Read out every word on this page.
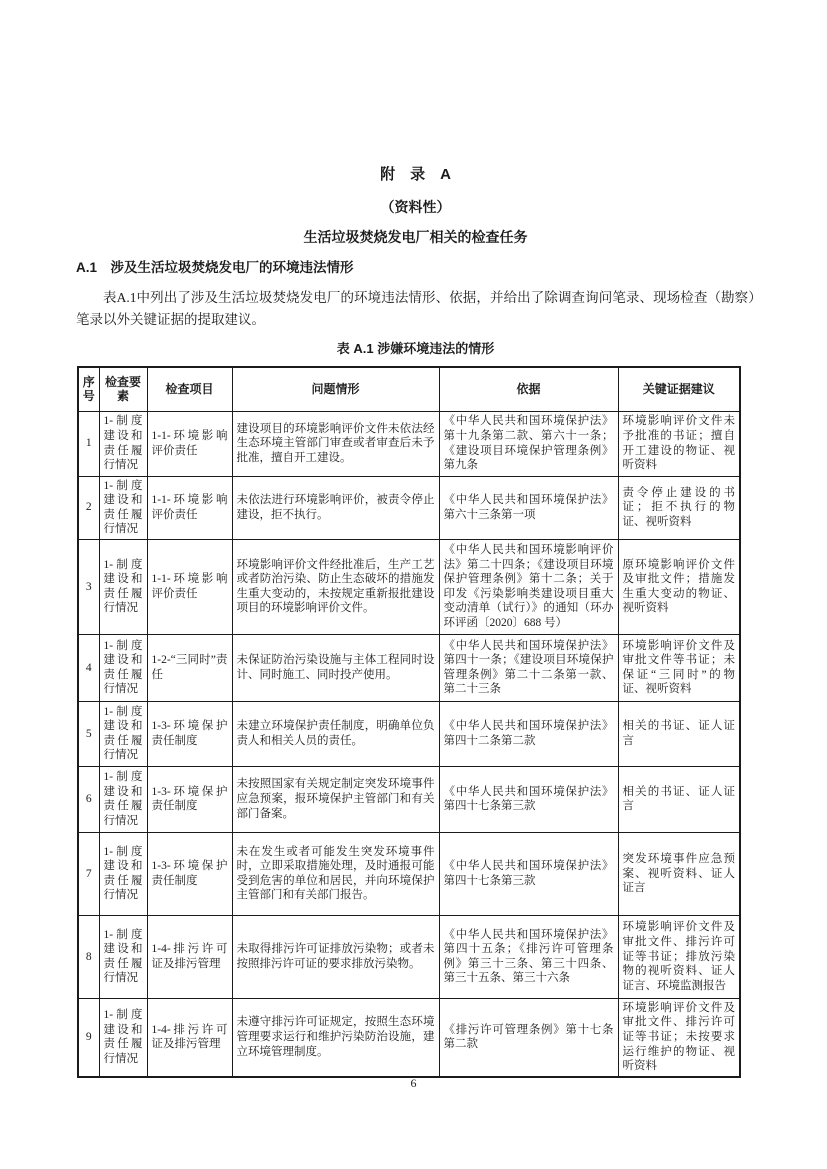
附　录　A
（资料性）
生活垃圾焚烧发电厂相关的检查任务
A.1　涉及生活垃圾焚烧发电厂的环境违法情形

表A.1中列出了涉及生活垃圾焚烧发电厂的环境违法情形、依据，并给出了除调查询问笔录、现场检查（勘察）笔录以外关键证据的提取建议。

表 A.1 涉嫌环境违法的情形
序号	检查要素	检查项目	问题情形	依据	关键证据建议
1	1-制度建设和责任履行情况	1-1-环境影响评价责任	建设项目的环境影响评价文件未依法经生态环境主管部门审查或者审查后未予批准，擅自开工建设。	《中华人民共和国环境保护法》第十九条第二款、第六十一条；《建设项目环境保护管理条例》第九条	环境影响评价文件未予批准的书证；擅自开工建设的物证、视听资料
2	1-制度建设和责任履行情况	1-1-环境影响评价责任	未依法进行环境影响评价，被责令停止建设，拒不执行。	《中华人民共和国环境保护法》第六十三条第一项	责令停止建设的书证；拒不执行的物证、视听资料
3	1-制度建设和责任履行情况	1-1-环境影响评价责任	环境影响评价文件经批准后，生产工艺或者防治污染、防止生态破坏的措施发生重大变动的，未按规定重新报批建设项目的环境影响评价文件。	《中华人民共和国环境影响评价法》第二十四条；《建设项目环境保护管理条例》第十二条；关于印发《污染影响类建设项目重大变动清单（试行）》的通知（环办环评函〔2020〕688 号）	原环境影响评价文件及审批文件；措施发生重大变动的物证、视听资料
4	1-制度建设和责任履行情况	1-2-“三同时”责任	未保证防治污染设施与主体工程同时设计、同时施工、同时投产使用。	《中华人民共和国环境保护法》第四十一条；《建设项目环境保护管理条例》第二十二条第一款、第二十三条	环境影响评价文件及审批文件等书证；未保证“三同时”的物证、视听资料
5	1-制度建设和责任履行情况	1-3-环境保护责任制度	未建立环境保护责任制度，明确单位负责人和相关人员的责任。	《中华人民共和国环境保护法》第四十二条第二款	相关的书证、证人证言
6	1-制度建设和责任履行情况	1-3-环境保护责任制度	未按照国家有关规定制定突发环境事件应急预案，报环境保护主管部门和有关部门备案。	《中华人民共和国环境保护法》第四十七条第三款	相关的书证、证人证言
7	1-制度建设和责任履行情况	1-3-环境保护责任制度	未在发生或者可能发生突发环境事件时，立即采取措施处理，及时通报可能受到危害的单位和居民，并向环境保护主管部门和有关部门报告。	《中华人民共和国环境保护法》第四十七条第三款	突发环境事件应急预案、视听资料、证人证言
8	1-制度建设和责任履行情况	1-4-排污许可证及排污管理	未取得排污许可证排放污染物；或者未按照排污许可证的要求排放污染物。	《中华人民共和国环境保护法》第四十五条；《排污许可管理条例》第三十三条、第三十四条、第三十五条、第三十六条	环境影响评价文件及审批文件、排污许可证等书证；排放污染物的视听资料、证人证言、环境监测报告
9	1-制度建设和责任履行情况	1-4-排污许可证及排污管理	未遵守排污许可证规定，按照生态环境管理要求运行和维护污染防治设施，建立环境管理制度。	《排污许可管理条例》第十七条第二款	环境影响评价文件及审批文件、排污许可证等书证；未按要求运行维护的物证、视听资料
6
